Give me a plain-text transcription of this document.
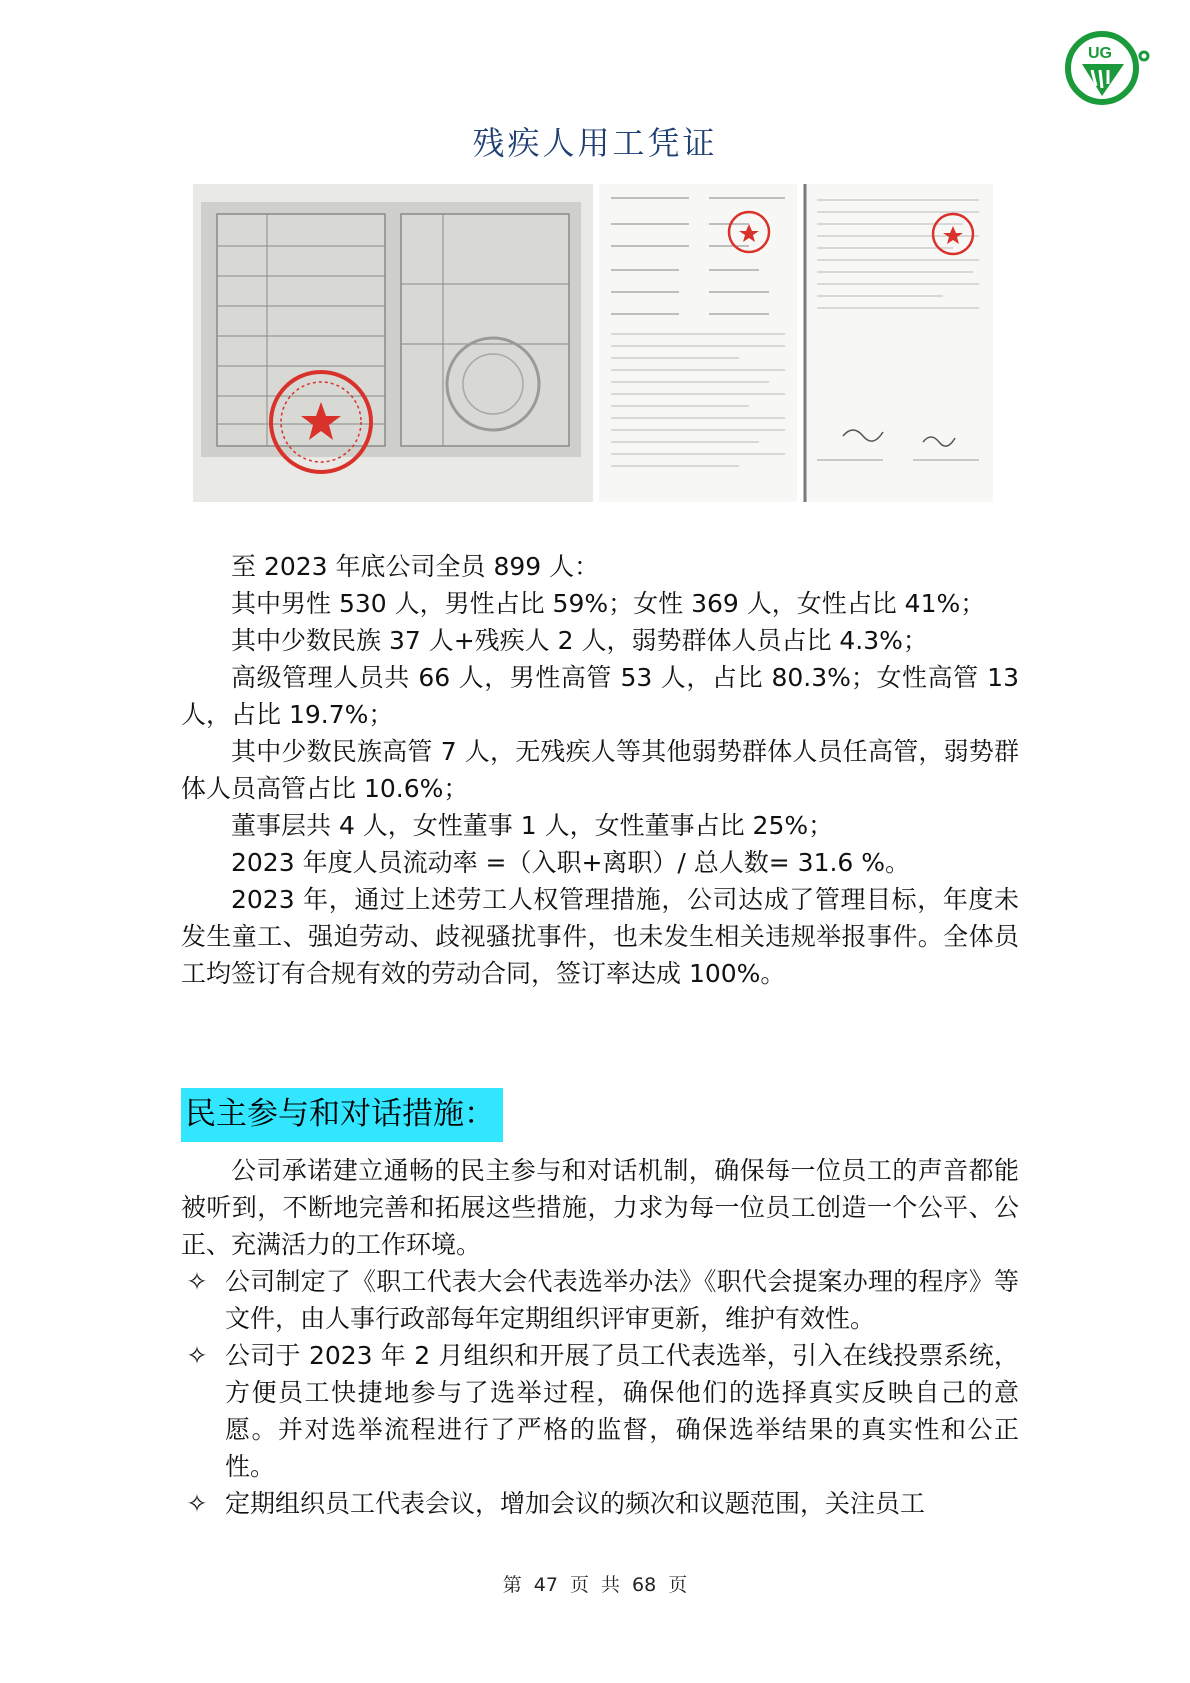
UG
残疾人用工凭证

至 2023 年底公司全员 899 人：

其中男性 530 人，男性占比 59%；女性 369 人，女性占比 41%；

其中少数民族 37 人+残疾人 2 人，弱势群体人员占比 4.3%；

高级管理人员共 66 人，男性高管 53 人，占比 80.3%；女性高管 13 人，占比 19.7%；

其中少数民族高管 7 人，无残疾人等其他弱势群体人员任高管，弱势群体人员高管占比 10.6%；

董事层共 4 人，女性董事 1 人，女性董事占比 25%；

2023 年度人员流动率 =（入职+离职）/ 总人数= 31.6 %。

2023 年，通过上述劳工人权管理措施，公司达成了管理目标，年度未发生童工、强迫劳动、歧视骚扰事件，也未发生相关违规举报事件。全体员工均签订有合规有效的劳动合同，签订率达成 100%。

民主参与和对话措施：

公司承诺建立通畅的民主参与和对话机制，确保每一位员工的声音都能被听到，不断地完善和拓展这些措施，力求为每一位员工创造一个公平、公正、充满活力的工作环境。

✧ 公司制定了《职工代表大会代表选举办法》《职代会提案办理的程序》等文件，由人事行政部每年定期组织评审更新，维护有效性。
✧ 公司于 2023 年 2 月组织和开展了员工代表选举，引入在线投票系统，方便员工快捷地参与了选举过程，确保他们的选择真实反映自己的意愿。并对选举流程进行了严格的监督，确保选举结果的真实性和公正性。
✧ 定期组织员工代表会议，增加会议的频次和议题范围，关注员工
第 47 页 共 68 页
